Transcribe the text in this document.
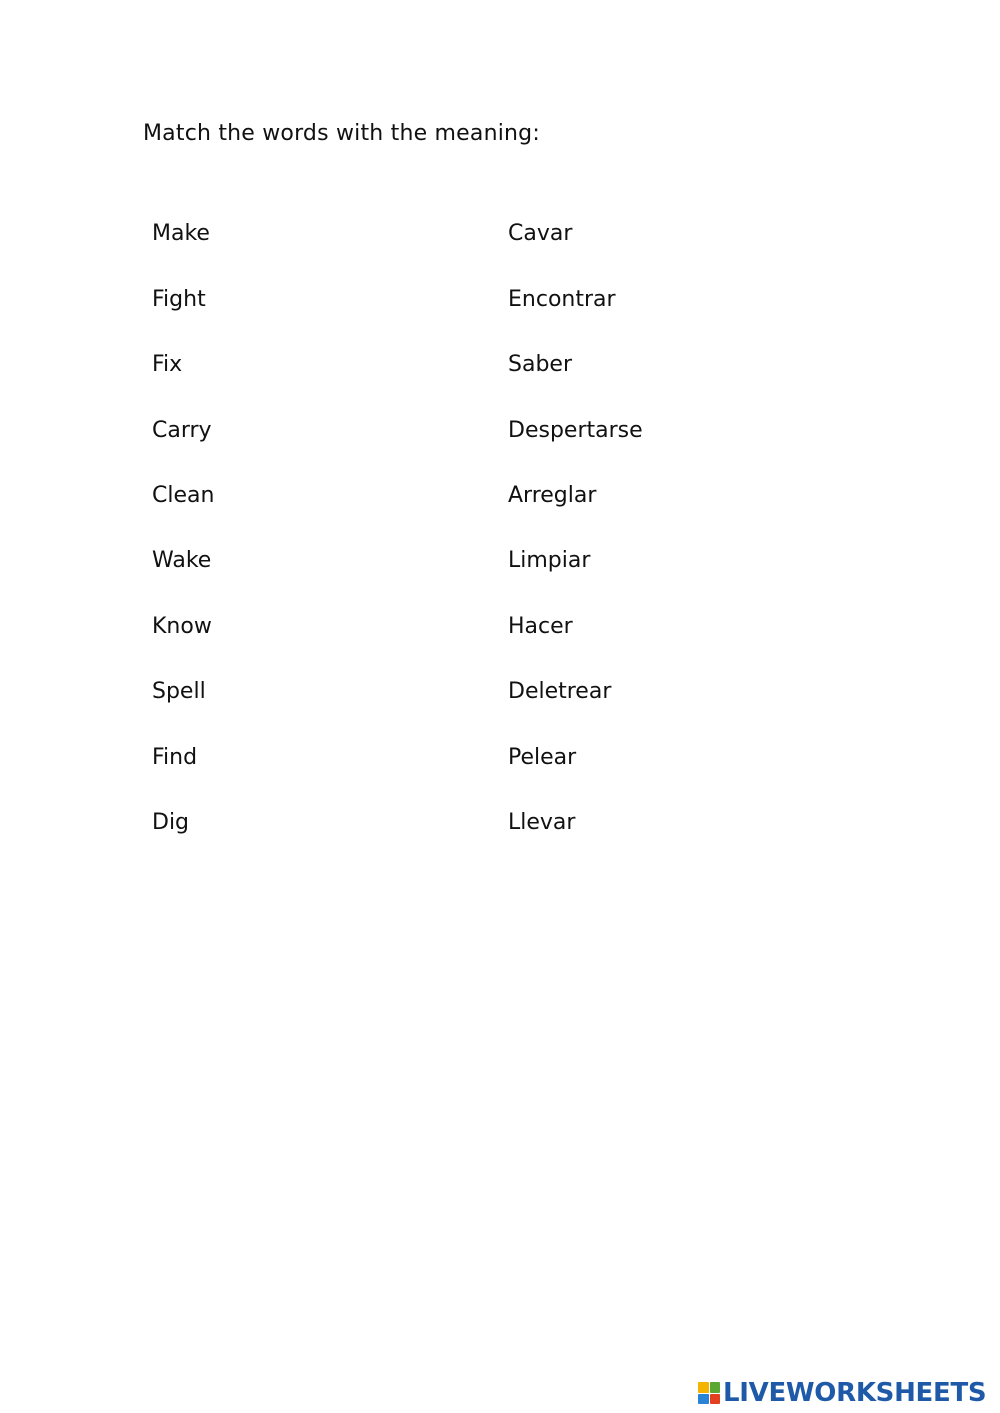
Match the words with the meaning:
Make
Fight
Fix
Carry
Clean
Wake
Know
Spell
Find
Dig
Cavar
Encontrar
Saber
Despertarse
Arreglar
Limpiar
Hacer
Deletrear
Pelear
Llevar
LIVEWORKSHEETS
